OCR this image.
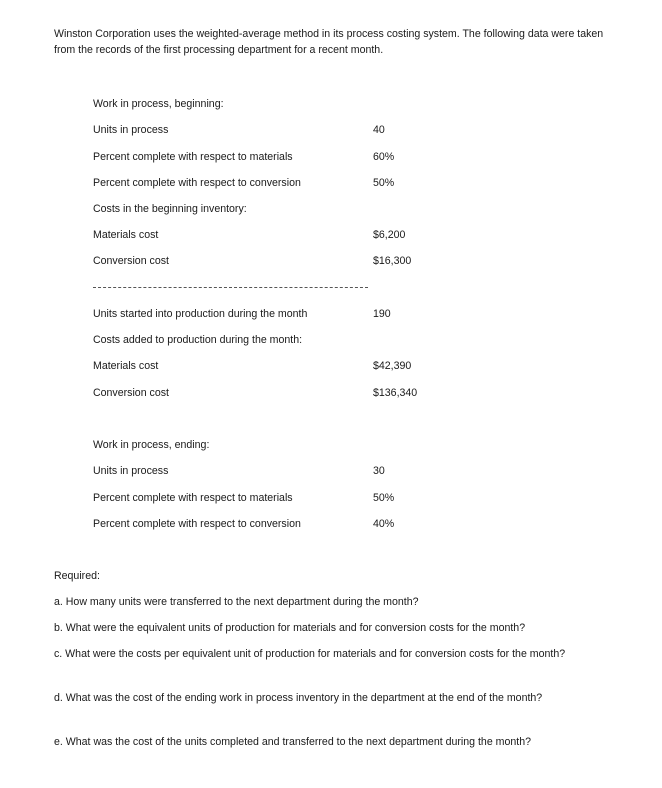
Winston Corporation uses the weighted-average method in its process costing system. The following data were taken from the records of the first processing department for a recent month.
Work in process, beginning:
Units in process	40
Percent complete with respect to materials	60%
Percent complete with respect to conversion	50%
Costs in the beginning inventory:
Materials cost	$6,200
Conversion cost	$16,300
Units started into production during the month	190
Costs added to production during the month:
Materials cost	$42,390
Conversion cost	$136,340
Work in process, ending:
Units in process	30
Percent complete with respect to materials	50%
Percent complete with respect to conversion	40%
Required:
a. How many units were transferred to the next department during the month?
b. What were the equivalent units of production for materials and for conversion costs for the month?
c. What were the costs per equivalent unit of production for materials and for conversion costs for the month?
d. What was the cost of the ending work in process inventory in the department at the end of the month?
e. What was the cost of the units completed and transferred to the next department during the month?
